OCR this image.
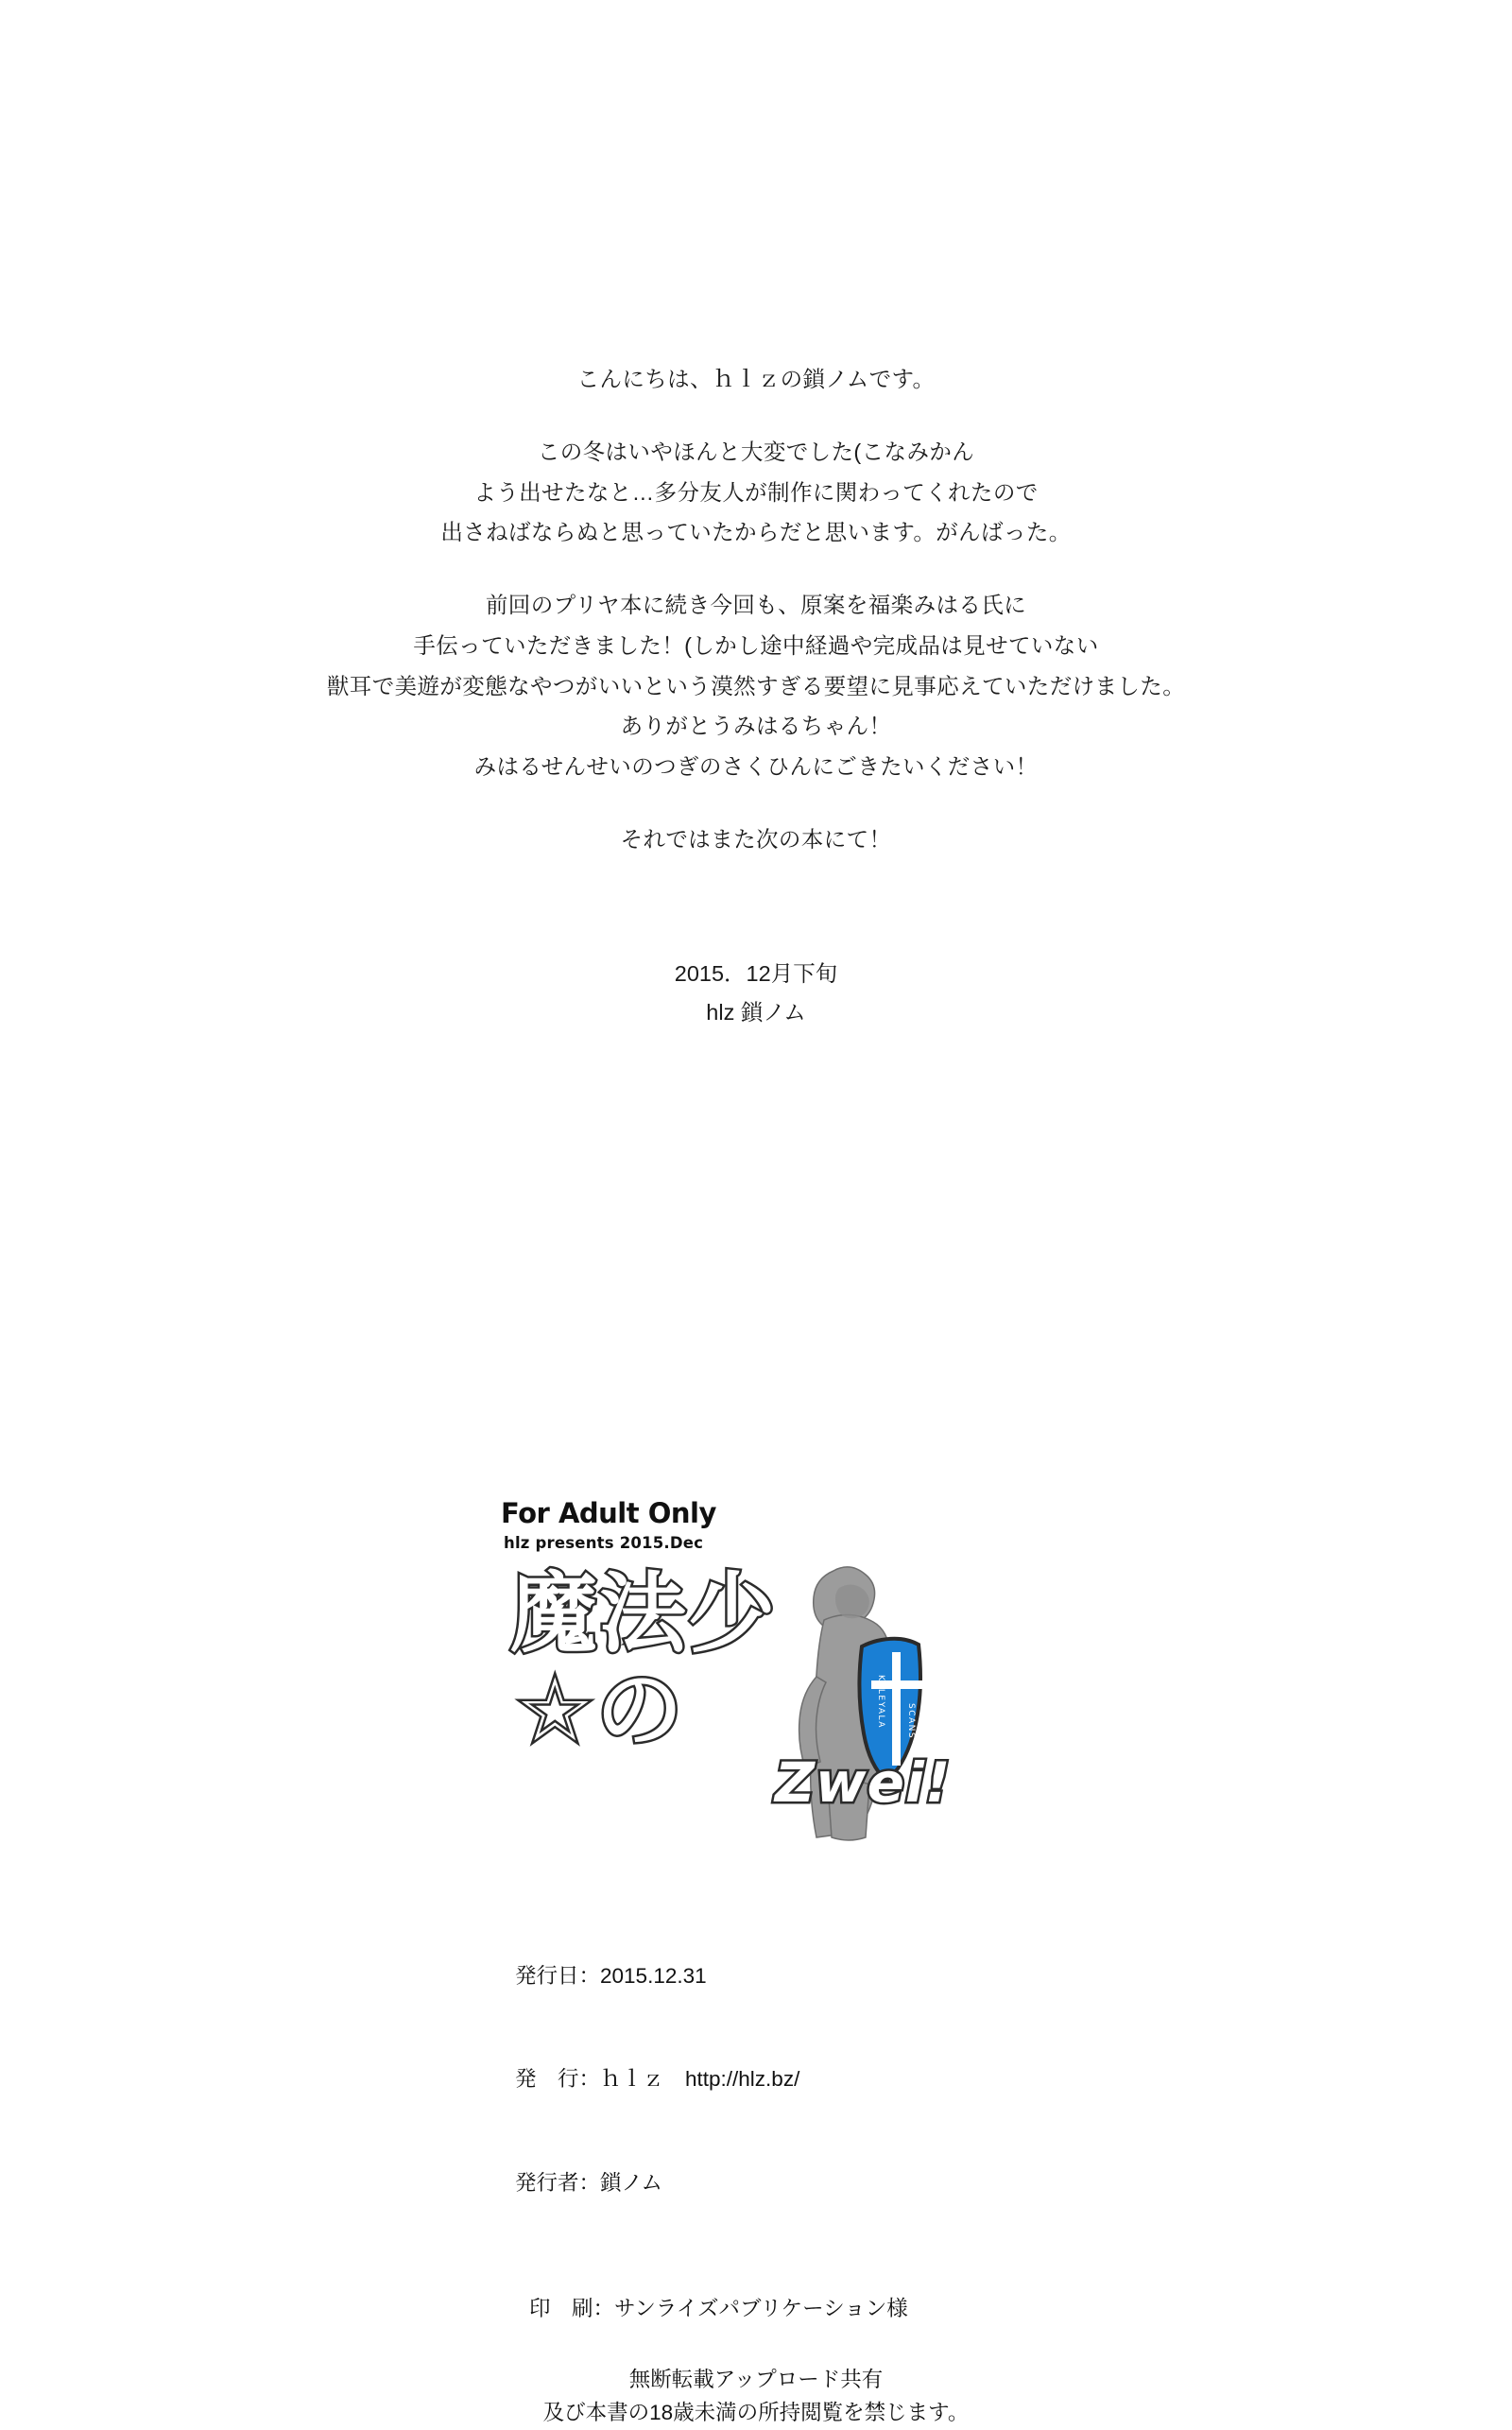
こんにちは、ｈｌｚの鎖ノムです。
この冬はいやほんと大変でした(こなみかん
よう出せたなと…多分友人が制作に関わってくれたので
出さねばならぬと思っていたからだと思います。がんばった。
前回のプリヤ本に続き今回も、原案を福楽みはる氏に
手伝っていただきました！(しかし途中経過や完成品は見せていない
獣耳で美遊が変態なやつがいいという漠然すぎる要望に見事応えていただけました。
ありがとうみはるちゃん！
みはるせんせいのつぎのさくひんにごきたいください！
それではまた次の本にて！
2015．12月下旬
hlz 鎖ノム
For Adult Only
hlz presents 2015.Dec
魔法少
☆の	KALEYALA SCANS
Zwei!

発行日：2015.12.31

発　行：ｈｌｚ　http://hlz.bz/

発行者：鎖ノム

印　刷：サンライズパブリケーション様
無断転載アップロード共有
及び本書の18歳未満の所持閲覧を禁じます。
